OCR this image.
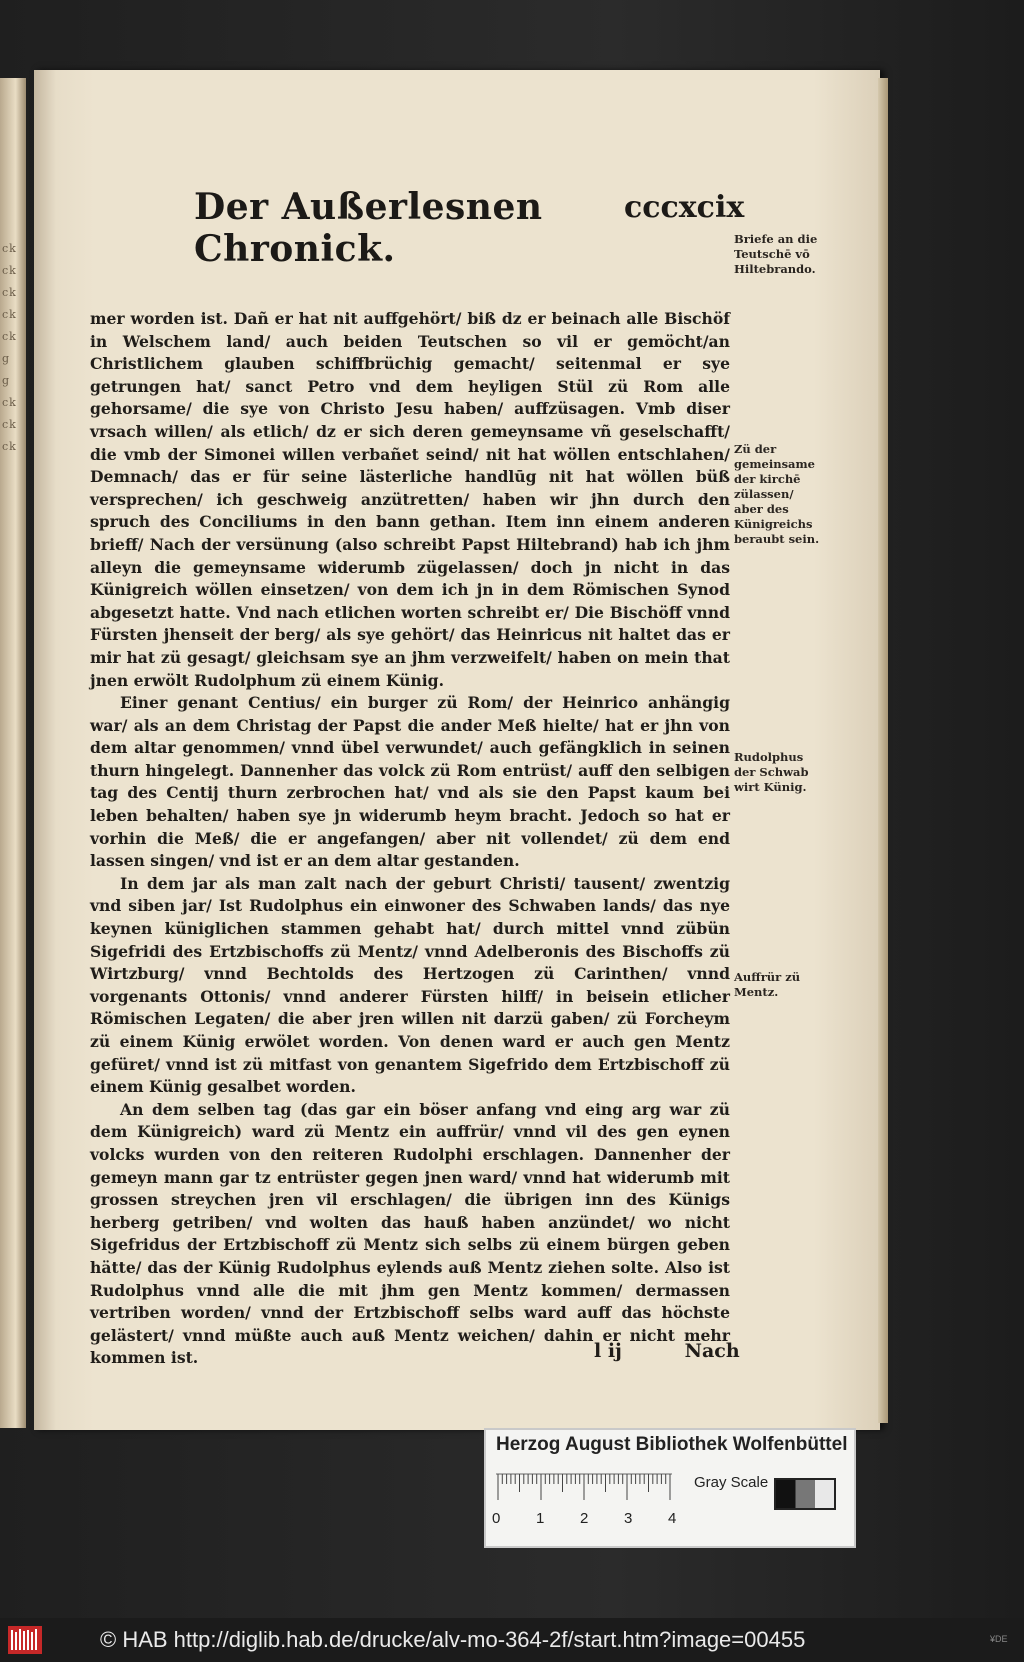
ck ck ck ck ck g g ck ck ck
Der Außerlesnen Chronick.
cccxcix

mer worden ist. Dañ er hat nit auffgehört/ biß dz er beinach alle Bischöf in Welschem land/ auch beiden Teutschen so vil er gemöcht/an Christlichem glauben schiffbrüchig gemacht/ seitenmal er sye getrungen hat/ sanct Petro vnd dem heyligen Stül zü Rom alle gehorsame/ die sye von Christo Jesu haben/ auffzüsagen. Vmb diser vrsach willen/ als etlich/ dz er sich deren gemeynsame vñ geselschafft/ die vmb der Simonei willen verbañet seind/ nit hat wöllen entschlahen/ Demnach/ das er für seine lästerliche handlūg nit hat wöllen büß versprechen/ ich geschweig anzütretten/ haben wir jhn durch den spruch des Conciliums in den bann gethan. Item inn einem anderen brieff/ Nach der versünung (also schreibt Papst Hiltebrand) hab ich jhm alleyn die gemeynsame widerumb zügelassen/ doch jn nicht in das Künigreich wöllen einsetzen/ von dem ich jn in dem Römischen Synod abgesetzt hatte. Vnd nach etlichen worten schreibt er/ Die Bischöff vnnd Fürsten jhenseit der berg/ als sye gehört/ das Heinricus nit haltet das er mir hat zü gesagt/ gleichsam sye an jhm verzweifelt/ haben on mein that jnen erwölt Rudolphum zü einem Künig.

Einer genant Centius/ ein burger zü Rom/ der Heinrico anhängig war/ als an dem Christag der Papst die ander Meß hielte/ hat er jhn von dem altar genommen/ vnnd übel verwundet/ auch gefängklich in seinen thurn hingelegt. Dannenher das volck zü Rom entrüst/ auff den selbigen tag des Centij thurn zerbrochen hat/ vnd als sie den Papst kaum bei leben behalten/ haben sye jn widerumb heym bracht. Jedoch so hat er vorhin die Meß/ die er angefangen/ aber nit vollendet/ zü dem end lassen singen/ vnd ist er an dem altar gestanden.

In dem jar als man zalt nach der geburt Christi/ tausent/ zwentzig vnd siben jar/ Ist Rudolphus ein einwoner des Schwaben lands/ das nye keynen küniglichen stammen gehabt hat/ durch mittel vnnd zübün Sigefridi des Ertzbischoffs zü Mentz/ vnnd Adelberonis des Bischoffs zü Wirtzburg/ vnnd Bechtolds des Hertzogen zü Carinthen/ vnnd vorgenants Ottonis/ vnnd anderer Fürsten hilff/ in beisein etlicher Römischen Legaten/ die aber jren willen nit darzü gaben/ zü Forcheym zü einem Künig erwölet worden. Von denen ward er auch gen Mentz gefüret/ vnnd ist zü mitfast von genantem Sigefrido dem Ertzbischoff zü einem Künig gesalbet worden.

An dem selben tag (das gar ein böser anfang vnd eing arg war zü dem Künigreich) ward zü Mentz ein auffrür/ vnnd vil des gen eynen volcks wurden von den reiteren Rudolphi erschlagen. Dannenher der gemeyn mann gar tz entrüster gegen jnen ward/ vnnd hat widerumb mit grossen streychen jren vil erschlagen/ die übrigen inn des Künigs herberg getriben/ vnd wolten das hauß haben anzündet/ wo nicht Sigefridus der Ertzbischoff zü Mentz sich selbs zü einem bürgen geben hätte/ das der Künig Rudolphus eylends auß Mentz ziehen solte. Also ist Rudolphus vnnd alle die mit jhm gen Mentz kommen/ dermassen vertriben worden/ vnnd der Ertzbischoff selbs ward auff das höchste gelästert/ vnnd müßte auch auß Mentz weichen/ dahin er nicht mehr kommen ist.

Briefe an die Teutschē vō Hiltebrando.
Zü der gemeinsame der kirchē zülassen/ aber des Künigreichs beraubt sein.
Rudolphus der Schwab wirt Künig.
Auffrür zü Mentz.
l ij	Nach
Herzog August Bibliothek Wolfenbüttel
0 1 2 3 4
Gray Scale
© HAB http://diglib.hab.de/drucke/alv-mo-364-2f/start.htm?image=00455	¥DE
